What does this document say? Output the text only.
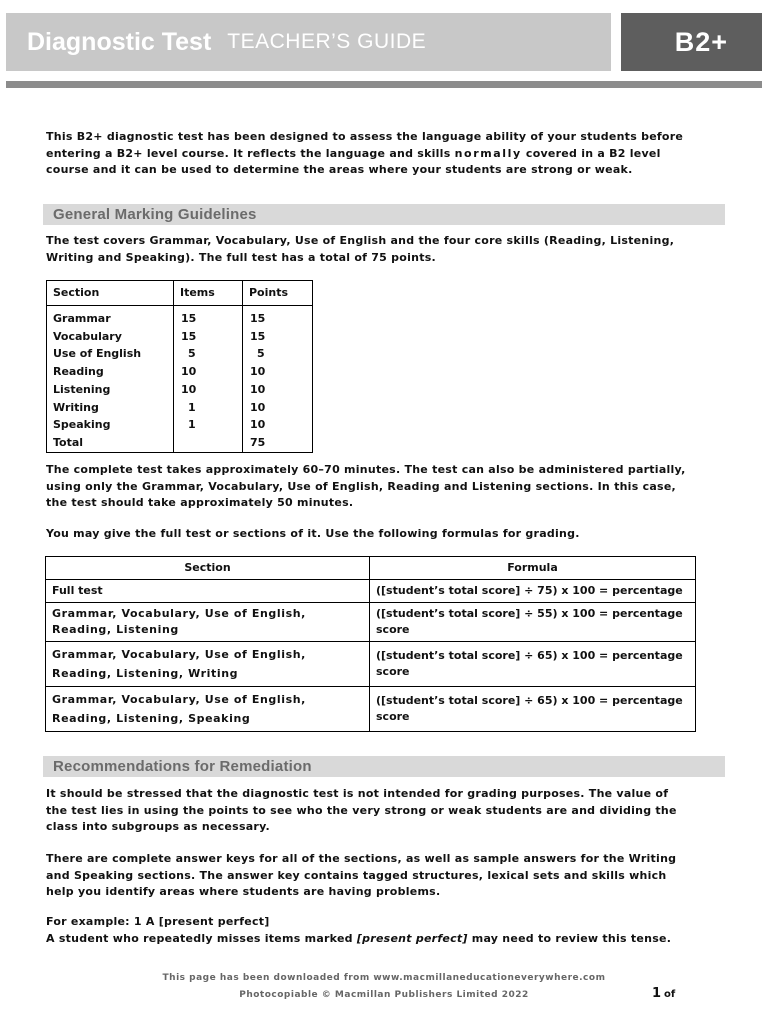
Diagnostic Test TEACHER’S GUIDE	B2+
This B2+ diagnostic test has been designed to assess the language ability of your students before entering a B2+ level course. It reflects the language and skills normally covered in a B2 level course and it can be used to determine the areas where your students are strong or weak.
General Marking Guidelines
The test covers Grammar, Vocabulary, Use of English and the four core skills (Reading, Listening, Writing and Speaking). The full test has a total of 75 points.
Section	Items	Points
Grammar	15	15
Vocabulary	15	15
Use of English	5	5
Reading	10	10
Listening	10	10
Writing	1	10
Speaking	1	10
Total		75
The complete test takes approximately 60–70 minutes. The test can also be administered partially, using only the Grammar, Vocabulary, Use of English, Reading and Listening sections. In this case, the test should take approximately 50 minutes.
You may give the full test or sections of it. Use the following formulas for grading.
Section	Formula
Full test	([student’s total score] ÷ 75) x 100 = percentage
Grammar, Vocabulary, Use of English, Reading, Listening	([student’s total score] ÷ 55) x 100 = percentage score
Grammar, Vocabulary, Use of English, Reading, Listening, Writing	([student’s total score] ÷ 65) x 100 = percentage score
Grammar, Vocabulary, Use of English, Reading, Listening, Speaking	([student’s total score] ÷ 65) x 100 = percentage score
Recommendations for Remediation
It should be stressed that the diagnostic test is not intended for grading purposes. The value of the test lies in using the points to see who the very strong or weak students are and dividing the class into subgroups as necessary.
There are complete answer keys for all of the sections, as well as sample answers for the Writing and Speaking sections. The answer key contains tagged structures, lexical sets and skills which help you identify areas where students are having problems.
For example: 1 A [present perfect]
A student who repeatedly misses items marked [present perfect] may need to review this tense.
This page has been downloaded from www.macmillaneducationeverywhere.com
Photocopiable © Macmillan Publishers Limited 2022	1 of
